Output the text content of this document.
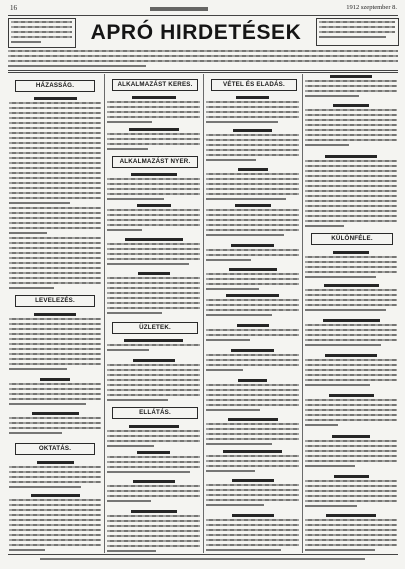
16	1912 szeptember 8.
APRÓ HIRDETÉSEK
HÁZASSÁG.
LEVELEZÉS.
OKTATÁS.
ALKALMAZÁST KERES.
ALKALMAZÁST NYER.
ÜZLETEK.
ELLÁTÁS.
VÉTEL ÉS ELADÁS.
KÜLÖNFÉLE.
